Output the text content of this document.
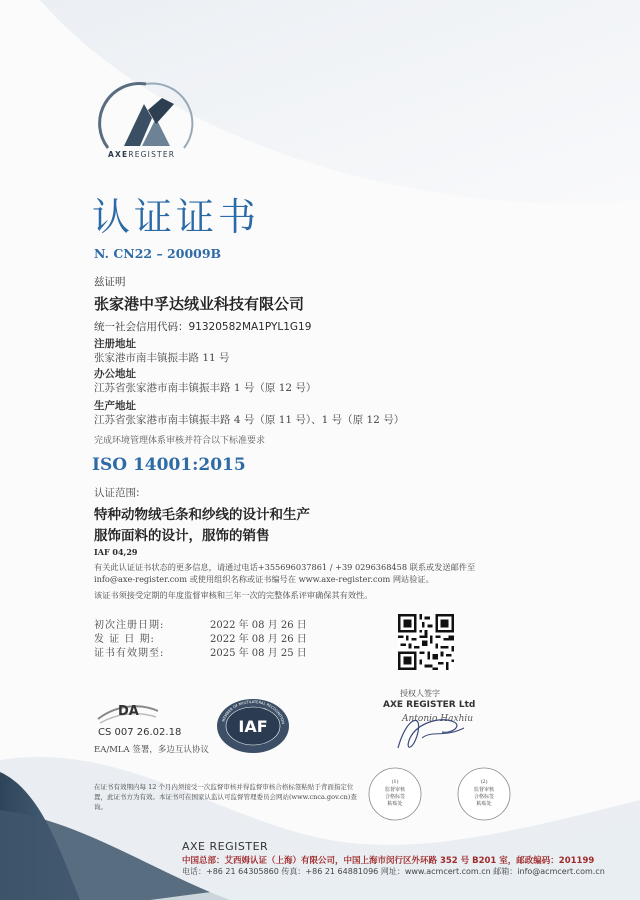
AXEREGISTER
认证证书
N. CN22 – 20009B
兹证明
张家港中孚达绒业科技有限公司
统一社会信用代码：91320582MA1PYL1G19
注册地址
张家港市南丰镇振丰路 11 号
办公地址
江苏省张家港市南丰镇振丰路 1 号（原 12 号）
生产地址
江苏省张家港市南丰镇振丰路 4 号（原 11 号）、1 号（原 12 号）
完成环境管理体系审核并符合以下标准要求
ISO 14001:2015
认证范围:
特种动物绒毛条和纱线的设计和生产
服饰面料的设计，服饰的销售
IAF 04,29
有关此认证证书状态的更多信息，请通过电话+355696037861 / +39 0296368458 联系或发送邮件至
info@axe-register.com 或使用组织名称或证书编号在 www.axe-register.com 网站验证。
该证书须接受定期的年度监督审核和三年一次的完整体系评审确保其有效性。
初次注册日期:	2022 年 08 月 26 日
发 证 日 期:	2022 年 08 月 26 日
证书有效期至:	2025 年 08 月 25 日
授权人签字
AXE REGISTER Ltd
Antonio Haxhiu
DA
CS 007 26.02.18
EA/MLA 签署，多边互认协议
IAF
MEMBER OF MULTILATERAL RECOGNITION
在证书有效期内每 12 个月内须接受一次监督审核并得监督审核合格标签粘贴于背面指定位置，此证书方为有效。本证书可在国家认监认可监督管理委员会网站(www.cnca.gov.cn)查询。
(1)
监督审核
合格标签
粘贴处
(2)
监督审核
合格标签
粘贴处
AXE REGISTER
中国总部：艾西姆认证（上海）有限公司，中国上海市闵行区外环路 352 号 B201 室，邮政编码：201199
电话：+86 21 64305860 传真：+86 21 64881096 网址：www.acmcert.com.cn 邮箱：info@acmcert.com.cn
